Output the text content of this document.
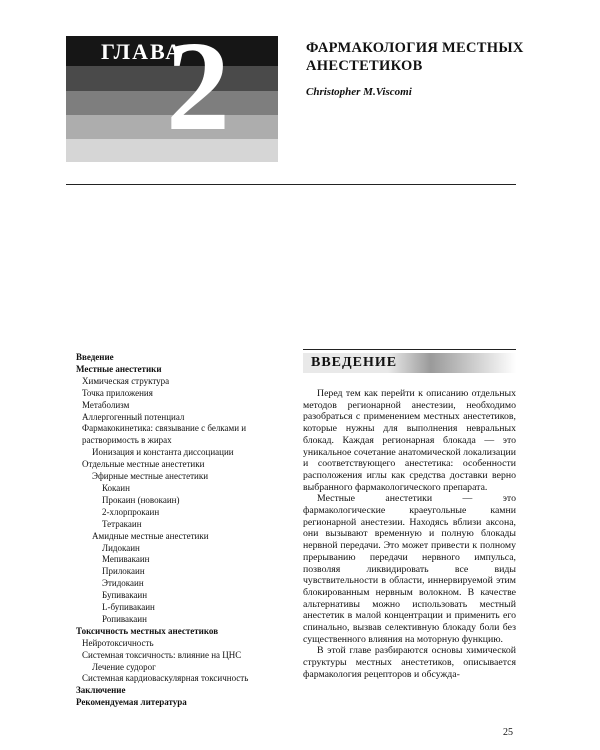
ГЛАВА
2	ФАРМАКОЛОГИЯ МЕСТНЫХ АНЕСТЕТИКОВ
Christopher M.Viscomi
Введение
Местные анестетики
Химическая структура
Точка приложения
Метаболизм
Аллергогенный потенциал
Фармакокинетика: связывание с белками и
растворимость в жирах
Ионизация и константа диссоциации
Отдельные местные анестетики
Эфирные местные анестетики
Кокаин
Прокаин (новокаин)
2-хлорпрокаин
Тетракаин
Амидные местные анестетики
Лидокаин
Мепивакаин
Прилокаин
Этидокаин
Бупивакаин
L-бупивакаин
Ропивакаин
Токсичность местных анестетиков
Нейротоксичность
Системная токсичность: влияние на ЦНС
Лечение судорог
Системная кардиоваскулярная токсичность
Заключение
Рекомендуемая литература
ВВЕДЕНИЕ

Перед тем как перейти к описанию отдельных методов регионарной анестезии, необходимо разобраться с применением местных анестетиков, которые нужны для выполнения невральных блокад. Каждая регионарная блокада — это уникальное сочетание анатомической локализации и соответствующего анестетика: особенности расположения иглы как средства доставки верно выбранного фармакологического препарата.

Местные анестетики — это фармакологические краеугольные камни регионарной анестезии. Находясь вблизи аксона, они вызывают временную и полную блокады нервной передачи. Это может привести к полному прерыванию передачи нервного импульса, позволяя ликвидировать все виды чувствительности в области, иннервируемой этим блокированным нервным волокном. В качестве альтернативы можно использовать местный анестетик в малой концентрации и применить его спинально, вызвав селективную блокаду боли без существенного влияния на моторную функцию.

В этой главе разбираются основы химической структуры местных анестетиков, описывается фармакология рецепторов и обсужда-

25
